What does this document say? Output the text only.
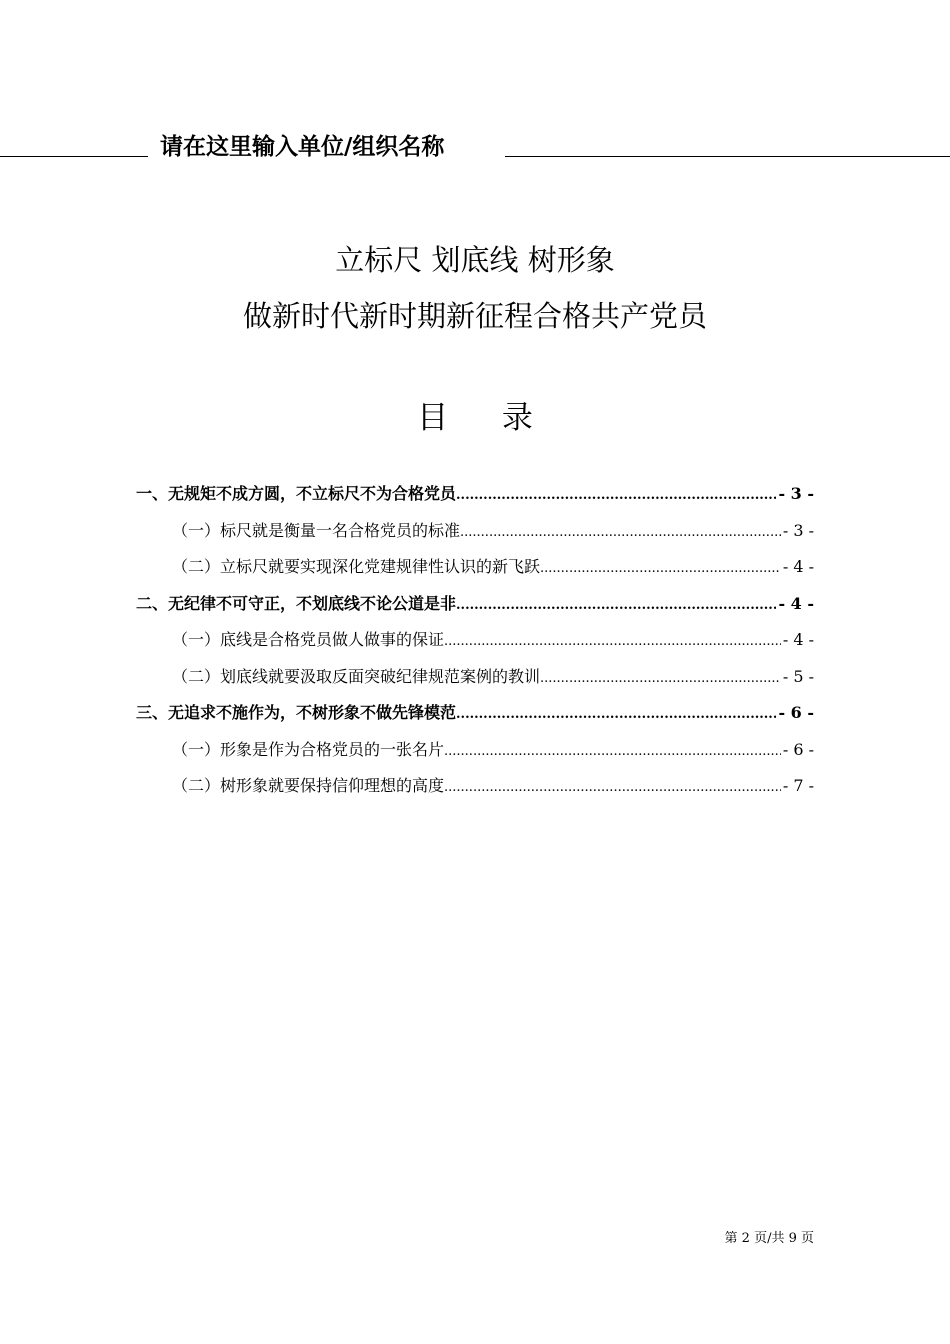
请在这里输入单位/组织名称
立标尺 划底线 树形象
做新时代新时期新征程合格共产党员
目 录
一、无规矩不成方圆，不立标尺不为合格党员 .....	- 3 -
（一）标尺就是衡量一名合格党员的标准 .....	- 3 -
（二）立标尺就要实现深化党建规律性认识的新飞跃 .....	- 4 -
二、无纪律不可守正，不划底线不论公道是非 .....	- 4 -
（一）底线是合格党员做人做事的保证 .....	- 4 -
（二）划底线就要汲取反面突破纪律规范案例的教训 .....	- 5 -
三、无追求不施作为，不树形象不做先锋模范 .....	- 6 -
（一）形象是作为合格党员的一张名片 .....	- 6 -
（二）树形象就要保持信仰理想的高度 .....	- 7 -
第 2 页/共 9 页
